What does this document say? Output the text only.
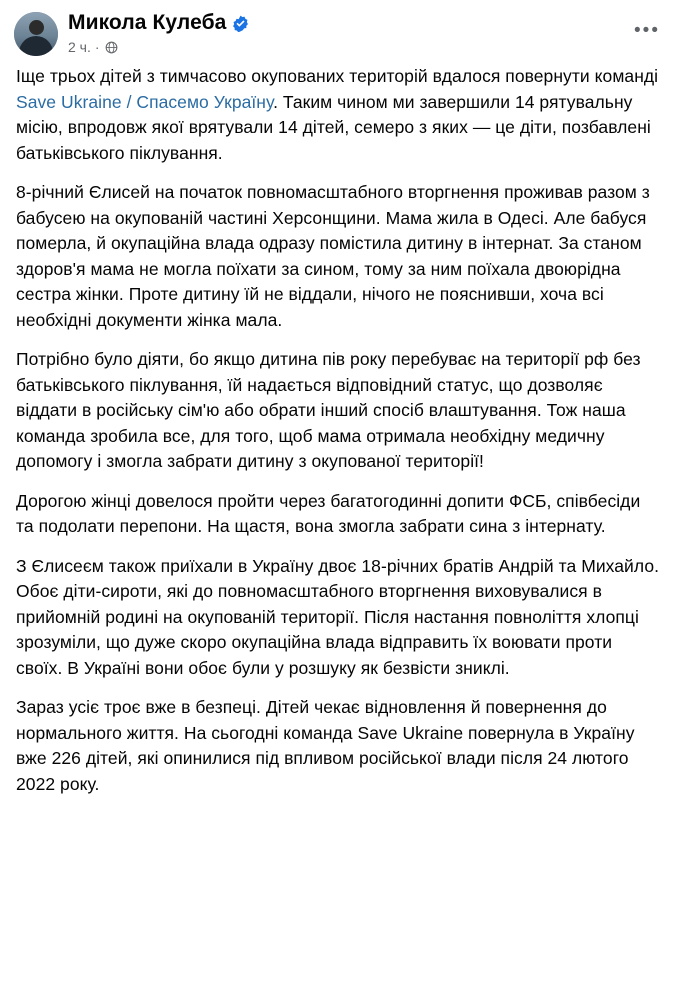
Микола Кулеба
2 ч. ·
•••

Іще трьох дітей з тимчасово окупованих територій вдалося повернути команді Save Ukraine / Спасемо Україну. Таким чином ми завершили 14 рятувальну місію, впродовж якої врятували 14 дітей, семеро з яких — це діти, позбавлені батьківського піклування.

8-річний Єлисей на початок повномасштабного вторгнення проживав разом з бабусею на окупованій частині Херсонщини. Мама жила в Одесі. Але бабуся померла, й окупаційна влада одразу помістила дитину в інтернат. За станом здоров'я мама не могла поїхати за сином, тому за ним поїхала двоюрідна сестра жінки. Проте дитину їй не віддали, нічого не пояснивши, хоча всі необхідні документи жінка мала.

Потрібно було діяти, бо якщо дитина пів року перебуває на території рф без батьківського піклування, їй надається відповідний статус, що дозволяє віддати в російську сім'ю або обрати інший спосіб влаштування. Тож наша команда зробила все, для того, щоб мама отримала необхідну медичну допомогу і змогла забрати дитину з окупованої території!

Дорогою жінці довелося пройти через багатогодинні допити ФСБ, співбесіди та подолати перепони. На щастя, вона змогла забрати сина з інтернату.

З Єлисеєм також приїхали в Україну двоє 18-річних братів Андрій та Михайло. Обоє діти-сироти, які до повномасштабного вторгнення виховувалися в прийомній родині на окупованій території. Після настання повноліття хлопці зрозуміли, що дуже скоро окупаційна влада відправить їх воювати проти своїх. В Україні вони обоє були у розшуку як безвісти зниклі.

Зараз усіє троє вже в безпеці. Дітей чекає відновлення й повернення до нормального життя. На сьогодні команда Save Ukraine повернула в Україну вже 226 дітей, які опинилися під впливом російської влади після 24 лютого 2022 року.
